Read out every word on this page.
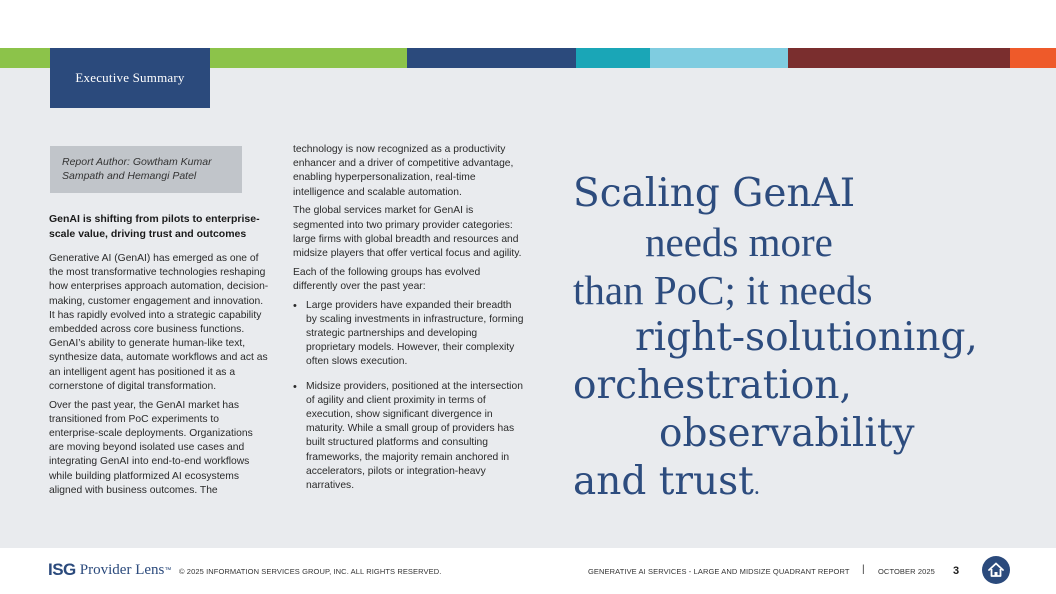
Executive Summary
Report Author: Gowtham Kumar Sampath and Hemangi Patel

GenAI is shifting from pilots to enterprise-scale value, driving trust and outcomes

Generative AI (GenAI) has emerged as one of the most transformative technologies reshaping how enterprises approach automation, decision-making, customer engagement and innovation. It has rapidly evolved into a strategic capability embedded across core business functions. GenAI’s ability to generate human-like text, synthesize data, automate workflows and act as an intelligent agent has positioned it as a cornerstone of digital transformation.

Over the past year, the GenAI market has transitioned from PoC experiments to enterprise-scale deployments. Organizations are moving beyond isolated use cases and integrating GenAI into end-to-end workflows while building platformized AI ecosystems aligned with business outcomes. The

technology is now recognized as a productivity enhancer and a driver of competitive advantage, enabling hyperpersonalization, real-time intelligence and scalable automation.

The global services market for GenAI is segmented into two primary provider categories: large firms with global breadth and resources and midsize players that offer vertical focus and agility.

Each of the following groups has evolved differently over the past year:

• Large providers have expanded their breadth by scaling investments in infrastructure, forming strategic partnerships and developing proprietary models. However, their complexity often slows execution.
• Midsize providers, positioned at the intersection of agility and client proximity in terms of execution, show significant divergence in maturity. While a small group of providers has built structured platforms and consulting frameworks, the majority remain anchored in accelerators, pilots or integration-heavy narratives.
Scaling GenAI
needs more
than PoC; it needs
right-solutioning,
orchestration,
observability
and trust.
ISG Provider Lens ™ © 2025 INFORMATION SERVICES GROUP, INC. ALL RIGHTS RESERVED.	GENERATIVE AI SERVICES - LARGE AND MIDSIZE QUADRANT REPORT | OCTOBER 2025 3
